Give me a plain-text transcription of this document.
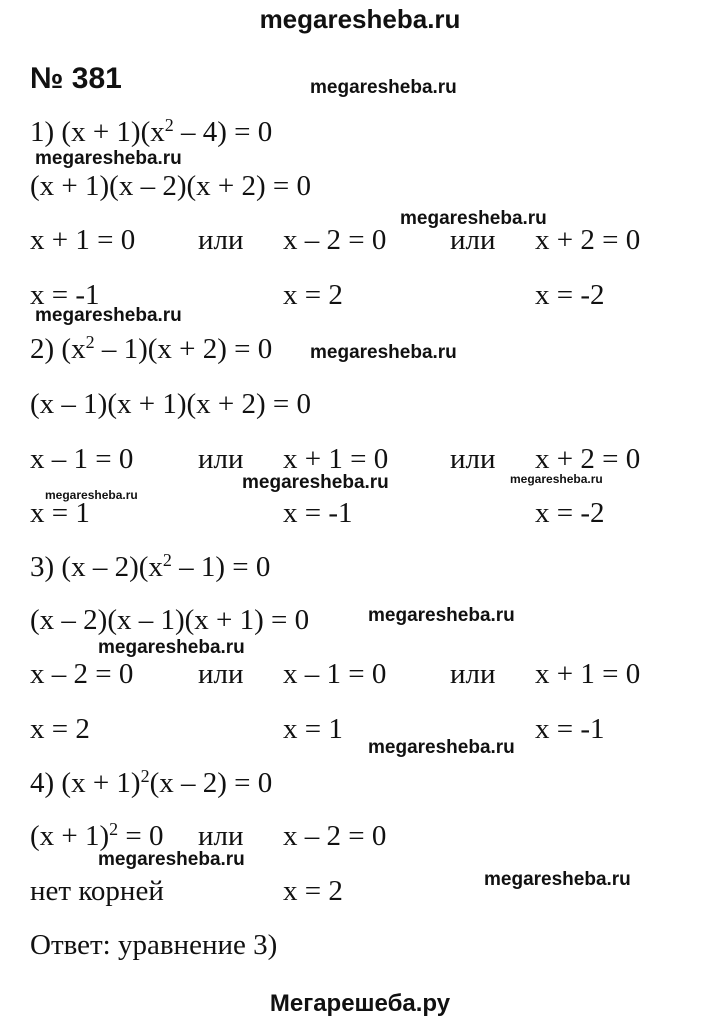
megaresheba.ru
№ 381	megaresheba.ru
megaresheba.ru
megaresheba.ru
megaresheba.ru
megaresheba.ru
megaresheba.ru
megaresheba.ru	megaresheba.ru
megaresheba.ru
megaresheba.ru
megaresheba.ru
megaresheba.ru
megaresheba.ru
1) $(x + 1)(x^2 - 4) = 0$
(x + 1)(x – 2)(x + 2) = 0
x + 1 = 0 или x – 2 = 0 или x + 2 = 0
x = -1	x = 2	x = -2
2) $(x^2 - 1)(x + 2) = 0$
(x – 1)(x + 1)(x + 2) = 0
x – 1 = 0 или x + 1 = 0 или x + 2 = 0
x = 1	x = -1	x = -2
3) $(x - 2)(x^2 - 1) = 0$
(x – 2)(x – 1)(x + 1) = 0
x – 2 = 0 или x – 1 = 0 или x + 1 = 0
x = 2	x = 1	x = -1
4) $(x + 1)^2(x - 2) = 0$
$(x + 1)^2 = 0$ или x – 2 = 0
нет корней	x = 2
Ответ: уравнение 3)
Мегарешеба.ру
